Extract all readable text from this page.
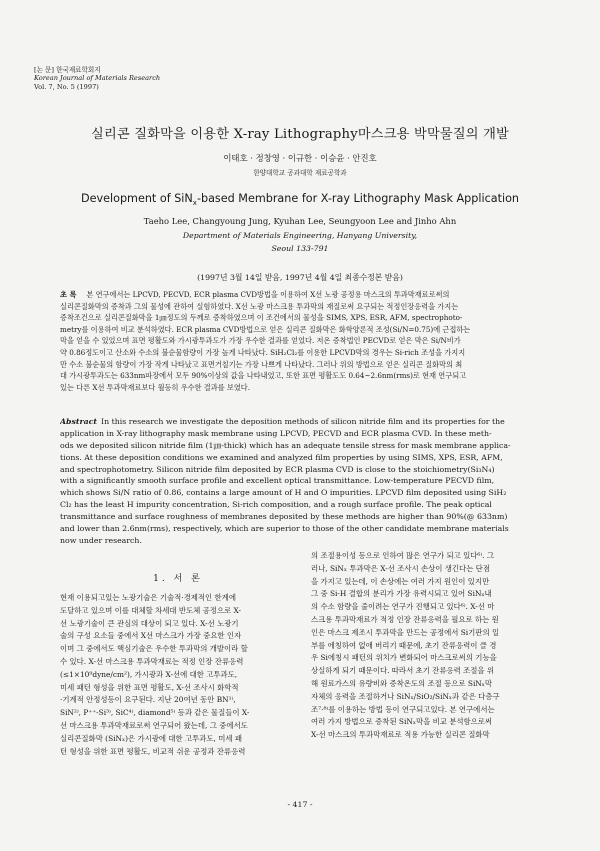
[논 문] 한국재료학회지
Korean Journal of Materials Research
Vol. 7, No. 5 (1997)
실리콘 질화막을 이용한 X-ray Lithography마스크용 박막물질의 개발
이태호 · 정창영 · 이규한 · 이승윤 · 안진호
한양대학교 공과대학 재료공학과
Development of SiN$_x$-based Membrane for X-ray Lithography Mask Application
Taeho Lee, Changyoung Jung, Kyuhan Lee, Seungyoon Lee and Jinho Ahn
Department of Materials Engineering, Hanyang University,
Seoul 133-791
(1997년 3월 14일 받음, 1997년 4월 4일 최종수정본 받음)
초 록 본 연구에서는 LPCVD, PECVD, ECR plasma CVD방법을 이용하여 X선 노광 공정용 마스크의 투과막재료로써의
실리콘질화막의 증착과 그의 물성에 관하여 실험하였다. X선 노광 마스크용 투과막의 재질로써 요구되는 적정인장응력을 가지는
증착조건으로 실리콘질화막을 1㎛정도의 두께로 증착하였으며 이 조건에서의 물성을 SIMS, XPS, ESR, AFM, spectrophoto-
metry를 이용하여 비교 분석하였다. ECR plasma CVD방법으로 얻은 실리콘 질화막은 화학양론적 조성(Si/N=0.75)에 근접하는
막을 얻을 수 있었으며 표면 평활도와 가시광투과도가 가장 우수한 결과를 얻었다. 저온 증착법인 PECVD로 얻은 막은 Si/N비가
약 0.86정도이고 산소와 수소의 불순물함량이 가장 높게 나타났다. SiH₂Cl₂를 이용한 LPCVD막의 경우는 Si-rich 조성을 가지지
만 수소 불순물의 함량이 가장 작게 나타났고 표면거칠기는 가장 나쁘게 나타났다. 그러나 위의 방법으로 얻은 실리콘 질화막의 최
대 가시광투과도는 633nm파장에서 모두 90%이상의 값을 나타내었고, 또한 표면 평활도도 0.64~2.6nm(rms)로 현재 연구되고
있는 다른 X선 투과막재료보다 월등히 우수한 결과를 보였다.
Abstract In this research we investigate the deposition methods of silicon nitride film and its properties for the
application in X-ray lithography mask membrane using LPCVD, PECVD and ECR plasma CVD. In these meth-
ods we deposited silicon nitride film (1㎛-thick) which has an adequate tensile stress for mask membrane applica-
tions. At these deposition conditions we examined and analyzed film properties by using SIMS, XPS, ESR, AFM,
and spectrophotometry. Silicon nitride film deposited by ECR plasma CVD is close to the stoichiometry(Si₃N₄)
with a significantly smooth surface profile and excellent optical transmittance. Low-temperature PECVD film,
which shows Si/N ratio of 0.86, contains a large amount of H and O impurities. LPCVD film deposited using SiH₂
Cl₂ has the least H impurity concentration, Si-rich composition, and a rough surface profile. The peak optical
transmittance and surface roughness of membranes deposited by these methods are higher than 90%(@ 633nm)
and lower than 2.6nm(rms), respectively, which are superior to those of the other candidate membrane materials
now under research.
1. 서 론
현재 이용되고있는 노광기술은 기술적·경제적인 한계에
도달하고 있으며 이를 대체할 차세대 반도체 공정으로 X-
선 노광기술이 큰 관심의 대상이 되고 있다. X-선 노광기
술의 구성 요소들 중에서 X선 마스크가 가장 중요한 인자
이며 그 중에서도 핵심기술은 우수한 투과막의 개발이라 할
수 있다. X-선 마스크용 투과막재료는 적정 인장 잔류응력
(≤1×10⁹dyne/cm²), 가시광과 X-선에 대한 고투과도,
미세 패턴 형성을 위한 표면 평활도, X-선 조사시 화학적
·기계적 안정성등이 요구된다. 지난 20여년 동안 BN¹⁾,
SiN²⁾, P⁺⁺-Si³⁾, SiC⁴⁾, diamond⁵⁾ 등과 같은 물질들이 X-
선 마스크용 투과막재료로써 연구되어 왔는데, 그 중에서도
실리콘질화막 (SiNₓ)은 가시광에 대한 고투과도, 미세 패
턴 형성을 위한 표면 평활도, 비교적 쉬운 공정과 잔류응력
의 조절용이성 등으로 인하여 많은 연구가 되고 있다⁶⁾. 그
러나, SiNₓ 투과막은 X-선 조사시 손상이 생긴다는 단점
을 가지고 있는데, 이 손상에는 여러 가지 원인이 있지만
그 중 Si-H 결합의 분리가 가장 유력시되고 있어 SiNₓ내
의 수소 함량을 줄이려는 연구가 진행되고 있다⁶⁾. X-선 마
스크용 투과막재료가 적정 인장 잔류응력을 필요로 하는 원
인은 마스크 제조시 투과막을 만드는 공정에서 Si기판의 일
부를 에칭하여 없애 버리기 때문에, 초기 잔류응력이 클 경
우 Si에칭시 패턴의 위치가 변화되어 마스크로써의 기능을
상실하게 되기 때문이다. 따라서 초기 잔류응력 조절을 위
해 원료가스의 유량비와 증착온도의 조절 등으로 SiNₓ막
자체의 응력을 조절하거나 SiNₓ/SiO₂/SiNₓ과 같은 다층구
조⁷·⁸⁾를 이용하는 방법 등이 연구되고있다. 본 연구에서는
여러 가지 방법으로 증착된 SiNₓ막을 비교 분석함으로써
X-선 마스크의 투과막재료로 적용 가능한 실리콘 질화막
- 417 -
